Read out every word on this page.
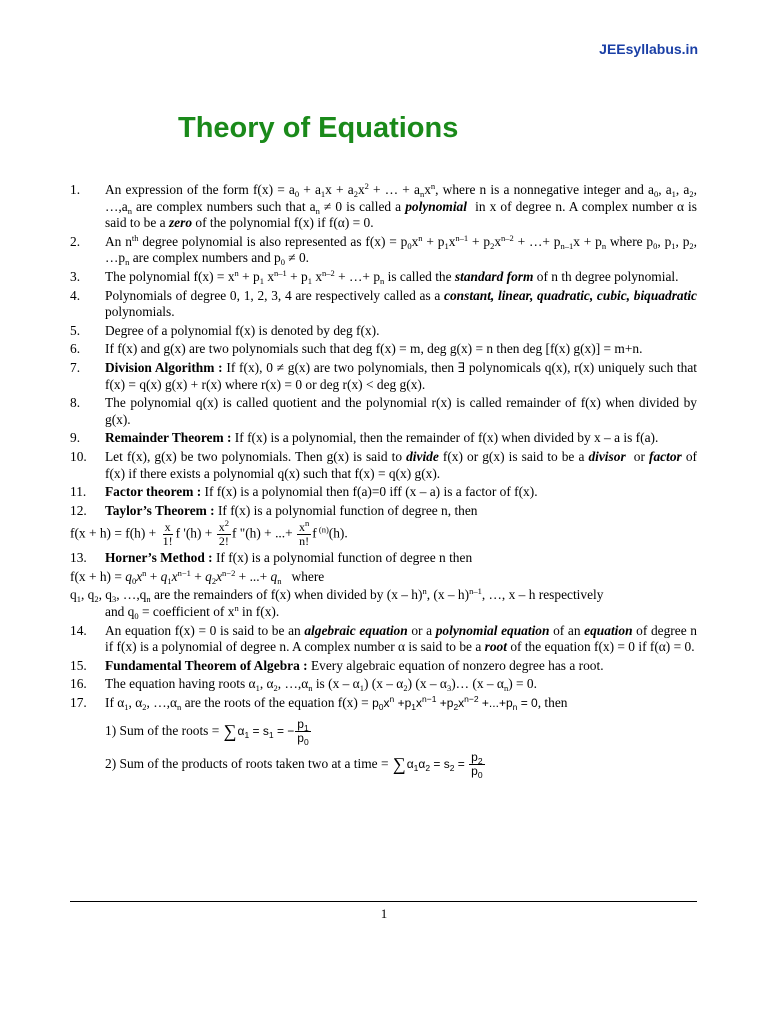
JEEsyllabus.in
Theory of Equations
1.	An expression of the form $f(x) = a_0 + a_1x + a_2x^2$ + … + $a_nx^n$, where n is a nonnegative integer and $a_0$, $a_1$, $a_2$, $\dots,a_n$ are complex numbers such that $a_n \ne 0$ is called a polynomial  in x of degree n. A complex number α is said to be a zero of the polynomial f(x) if f(α) = 0.
2.	An $n^{th}$ degree polynomial is also represented as $f(x) = p_0x^n + p_1x^{n-1} + p_2x^{n-2}$ + …+ $p_{n-1}x + p_n$ where $p_0$, $p_1$, $p_2$, $\dots p_n$ are complex numbers and $p_0 \ne 0$.
3.	The polynomial $f(x) = x^n + p_1$ $x^{n-1} + p_1$ $x^{n-2}$ + …+ $p_n$ is called the standard form of n th degree polynomial.
4.	Polynomials of degree 0, 1, 2, 3, 4 are respectively called as a constant, linear, quadratic, cubic, biquadratic polynomials.
5.	Degree of a polynomial f(x) is denoted by deg f(x).
6.	If f(x) and g(x) are two polynomials such that deg f(x) = m, deg g(x) = n then deg [f(x) g(x)] = m+n.
7.	Division Algorithm : If f(x), 0 ≠ g(x) are two polynomials, then ∃ polynomicals q(x), r(x) uniquely such that f(x) = q(x) g(x) + r(x) where r(x) = 0 or deg r(x) < deg g(x).
8.	The polynomial q(x) is called quotient and the polynomial r(x) is called remainder of f(x) when divided by g(x).
9.	Remainder Theorem : If f(x) is a polynomial, then the remainder of f(x) when divided by x – a is f(a).
10.	Let f(x), g(x) be two polynomials. Then g(x) is said to divide f(x) or g(x) is said to be a divisor  or factor of f(x) if there exists a polynomial q(x) such that f(x) = q(x) g(x).
11.	Factor theorem : If f(x) is a polynomial then f(a)=0 iff (x – a) is a factor of f(x).
12.	Taylor’s Theorem : If f(x) is a polynomial function of degree n, then
$f(x + h) = f(h) + \frac{x}{1!}$ f '$(h) + \frac{x^2}{2!}$ f "(h) + ...+ $\frac{x^n}{n!}$ f $^{(n)}$(h).
13.	Horner’s Method : If f(x) is a polynomial function of degree n then
$f(x + h) = q_0x^n + q_1x^{n-1} + q_2x^{n-2}$ + ...+ $q_n$   where
$q_1$, $q_2$, $q_3$, $\dots,q_n$ are the remainders of f(x) when divided by (x – h)$^n$, (x – h)$^{n-1}$, …, x – h respectively
and $q_0$ = coefficient of $x^n$ in f(x).
14.	An equation f(x) = 0 is said to be an algebraic equation or a polynomial equation of an equation of degree n if f(x) is a polynomial of degree n. A complex number α is said to be a root of the equation f(x) = 0 if f(α) = 0.
15.	Fundamental Theorem of Algebra : Every algebraic equation of nonzero degree has a root.
16.	The equation having roots $\alpha_1$, $\alpha_2$, $\dots,\alpha_n$ is $(x - \alpha_1)$ $(x - \alpha_2)$ $(x - \alpha_3)\dots$ $(x - \alpha_n) = 0$.
17.	If $\alpha_1$, $\alpha_2$, $\dots,\alpha_n$ are the roots of the equation $f(x) = p_0x^n +p_1x^{n-1} +p_2x^{n-2} +...+p_n = 0$, then
1) Sum of the roots =
∑ $\alpha_1 = s_1$ = − $\frac{p_1}{p_0}$
2) Sum of the products of roots taken two at a time =
∑ $\alpha_1\alpha_2 = s_2$ =
$\frac{p_2}{p_0}$
1
